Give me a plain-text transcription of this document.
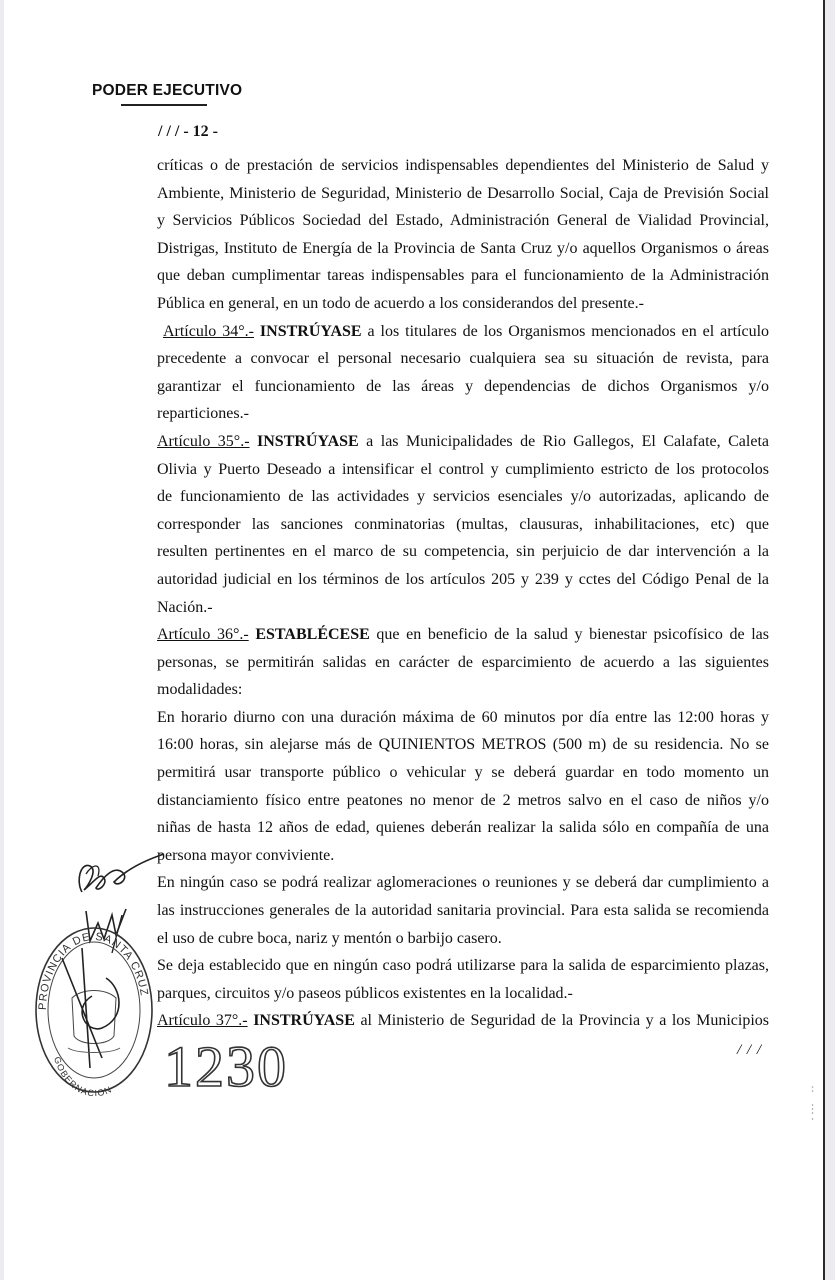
PODER EJECUTIVO
/ / / - 12 -

críticas o de prestación de servicios indispensables dependientes del Ministerio de Salud y
Ambiente, Ministerio de Seguridad, Ministerio de Desarrollo Social, Caja de Previsión Social
y Servicios Públicos Sociedad del Estado, Administración General de Vialidad Provincial,
Distrigas, Instituto de Energía de la Provincia de Santa Cruz y/o aquellos Organismos o áreas
que deban cumplimentar tareas indispensables para el funcionamiento de la Administración
Pública en general, en un todo de acuerdo a los considerandos del presente.-

Artículo 34°.- INSTRÚYASE a los titulares de los Organismos mencionados en el artículo
precedente a convocar el personal necesario cualquiera sea su situación de revista, para
garantizar el funcionamiento de las áreas y dependencias de dichos Organismos y/o
reparticiones.-

Artículo 35°.- INSTRÚYASE a las Municipalidades de Rio Gallegos, El Calafate, Caleta
Olivia y Puerto Deseado a intensificar el control y cumplimiento estricto de los protocolos
de funcionamiento de las actividades y servicios esenciales y/o autorizadas, aplicando de
corresponder las sanciones conminatorias (multas, clausuras, inhabilitaciones, etc) que
resulten pertinentes en el marco de su competencia, sin perjuicio de dar intervención a la
autoridad judicial en los términos de los artículos 205 y 239 y cctes del Código Penal de la
Nación.-

Artículo 36°.- ESTABLÉCESE que en beneficio de la salud y bienestar psicofísico de las
personas, se permitirán salidas en carácter de esparcimiento de acuerdo a las siguientes
modalidades:
En horario diurno con una duración máxima de 60 minutos por día entre las 12:00 horas y
16:00 horas, sin alejarse más de QUINIENTOS METROS (500 m) de su residencia. No se
permitirá usar transporte público o vehicular y se deberá guardar en todo momento un
distanciamiento físico entre peatones no menor de 2 metros salvo en el caso de niños y/o
niñas de hasta 12 años de edad, quienes deberán realizar la salida sólo en compañía de una
persona mayor conviviente.
En ningún caso se podrá realizar aglomeraciones o reuniones y se deberá dar cumplimiento a
las instrucciones generales de la autoridad sanitaria provincial. Para esta salida se recomienda
el uso de cubre boca, nariz y mentón o barbijo casero.
Se deja establecido que en ningún caso podrá utilizarse para la salida de esparcimiento plazas,
parques, circuitos y/o paseos públicos existentes en la localidad.-

Artículo 37°.- INSTRÚYASE al Ministerio de Seguridad de la Provincia y a los Municipios

/ / /
PROVINCIA DE SANTA CRUZ
GOBERNACION 1230
